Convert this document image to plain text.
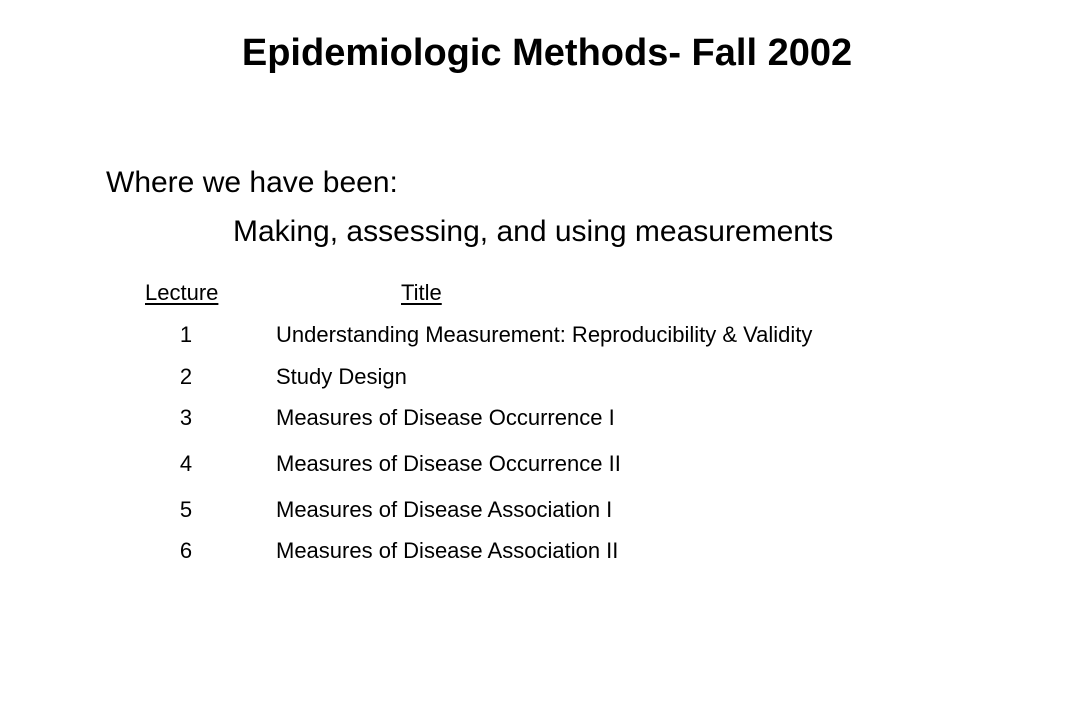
Epidemiologic Methods- Fall 2002
Where we have been:
Making, assessing, and using measurements
Lecture	Title
1	Understanding Measurement: Reproducibility & Validity
2	Study Design
3	Measures of Disease Occurrence I
4	Measures of Disease Occurrence II
5	Measures of Disease Association I
6	Measures of Disease Association II
